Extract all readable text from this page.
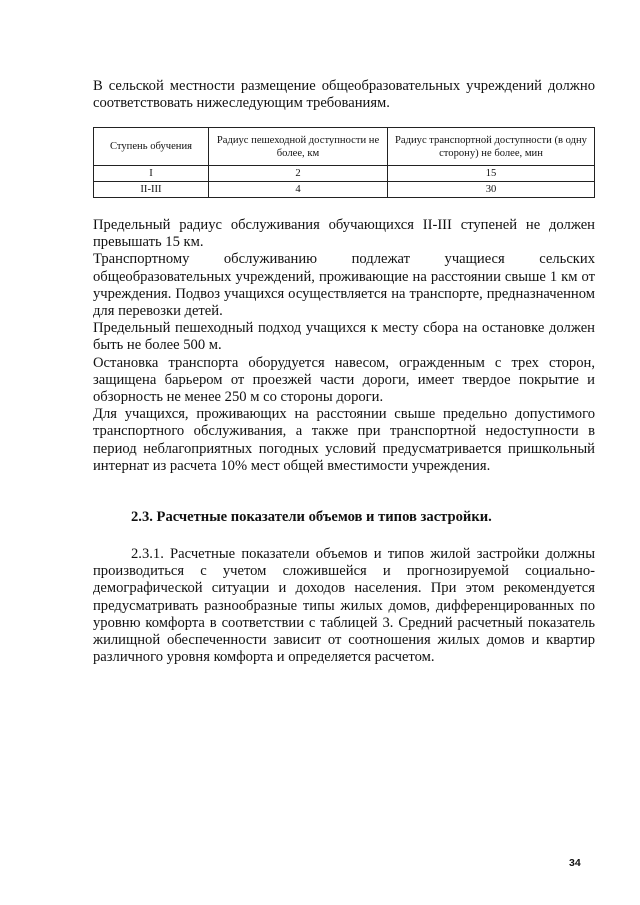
В сельской местности размещение общеобразовательных учреждений должно соответствовать нижеследующим требованиям.

Ступень обучения	Радиус пешеходной доступности не более, км	Радиус транспортной доступности (в одну сторону) не более, мин
I	2	15
II-III	4	30

Предельный радиус обслуживания обучающихся II-III ступеней не должен превышать 15 км.

Транспортному обслуживанию подлежат учащиеся сельских общеобразовательных учреждений, проживающие на расстоянии свыше 1 км от учреждения. Подвоз учащихся осуществляется на транспорте, предназначенном для перевозки детей.

Предельный пешеходный подход учащихся к месту сбора на остановке должен быть не более 500 м.

Остановка транспорта оборудуется навесом, огражденным с трех сторон, защищена барьером от проезжей части дороги, имеет твердое покрытие и обзорность не менее 250 м со стороны дороги.

Для учащихся, проживающих на расстоянии свыше предельно допустимого транспортного обслуживания, а также при транспортной недоступности в период неблагоприятных погодных условий предусматривается пришкольный интернат из расчета 10% мест общей вместимости учреждения.

2.3. Расчетные показатели объемов и типов застройки.

2.3.1. Расчетные показатели объемов и типов жилой застройки должны производиться с учетом сложившейся и прогнозируемой социально-демографической ситуации и доходов населения. При этом рекомендуется предусматривать разнообразные типы жилых домов, дифференцированных по уровню комфорта в соответствии с таблицей 3. Средний расчетный показатель жилищной обеспеченности зависит от соотношения жилых домов и квартир различного уровня комфорта и определяется расчетом.

34
